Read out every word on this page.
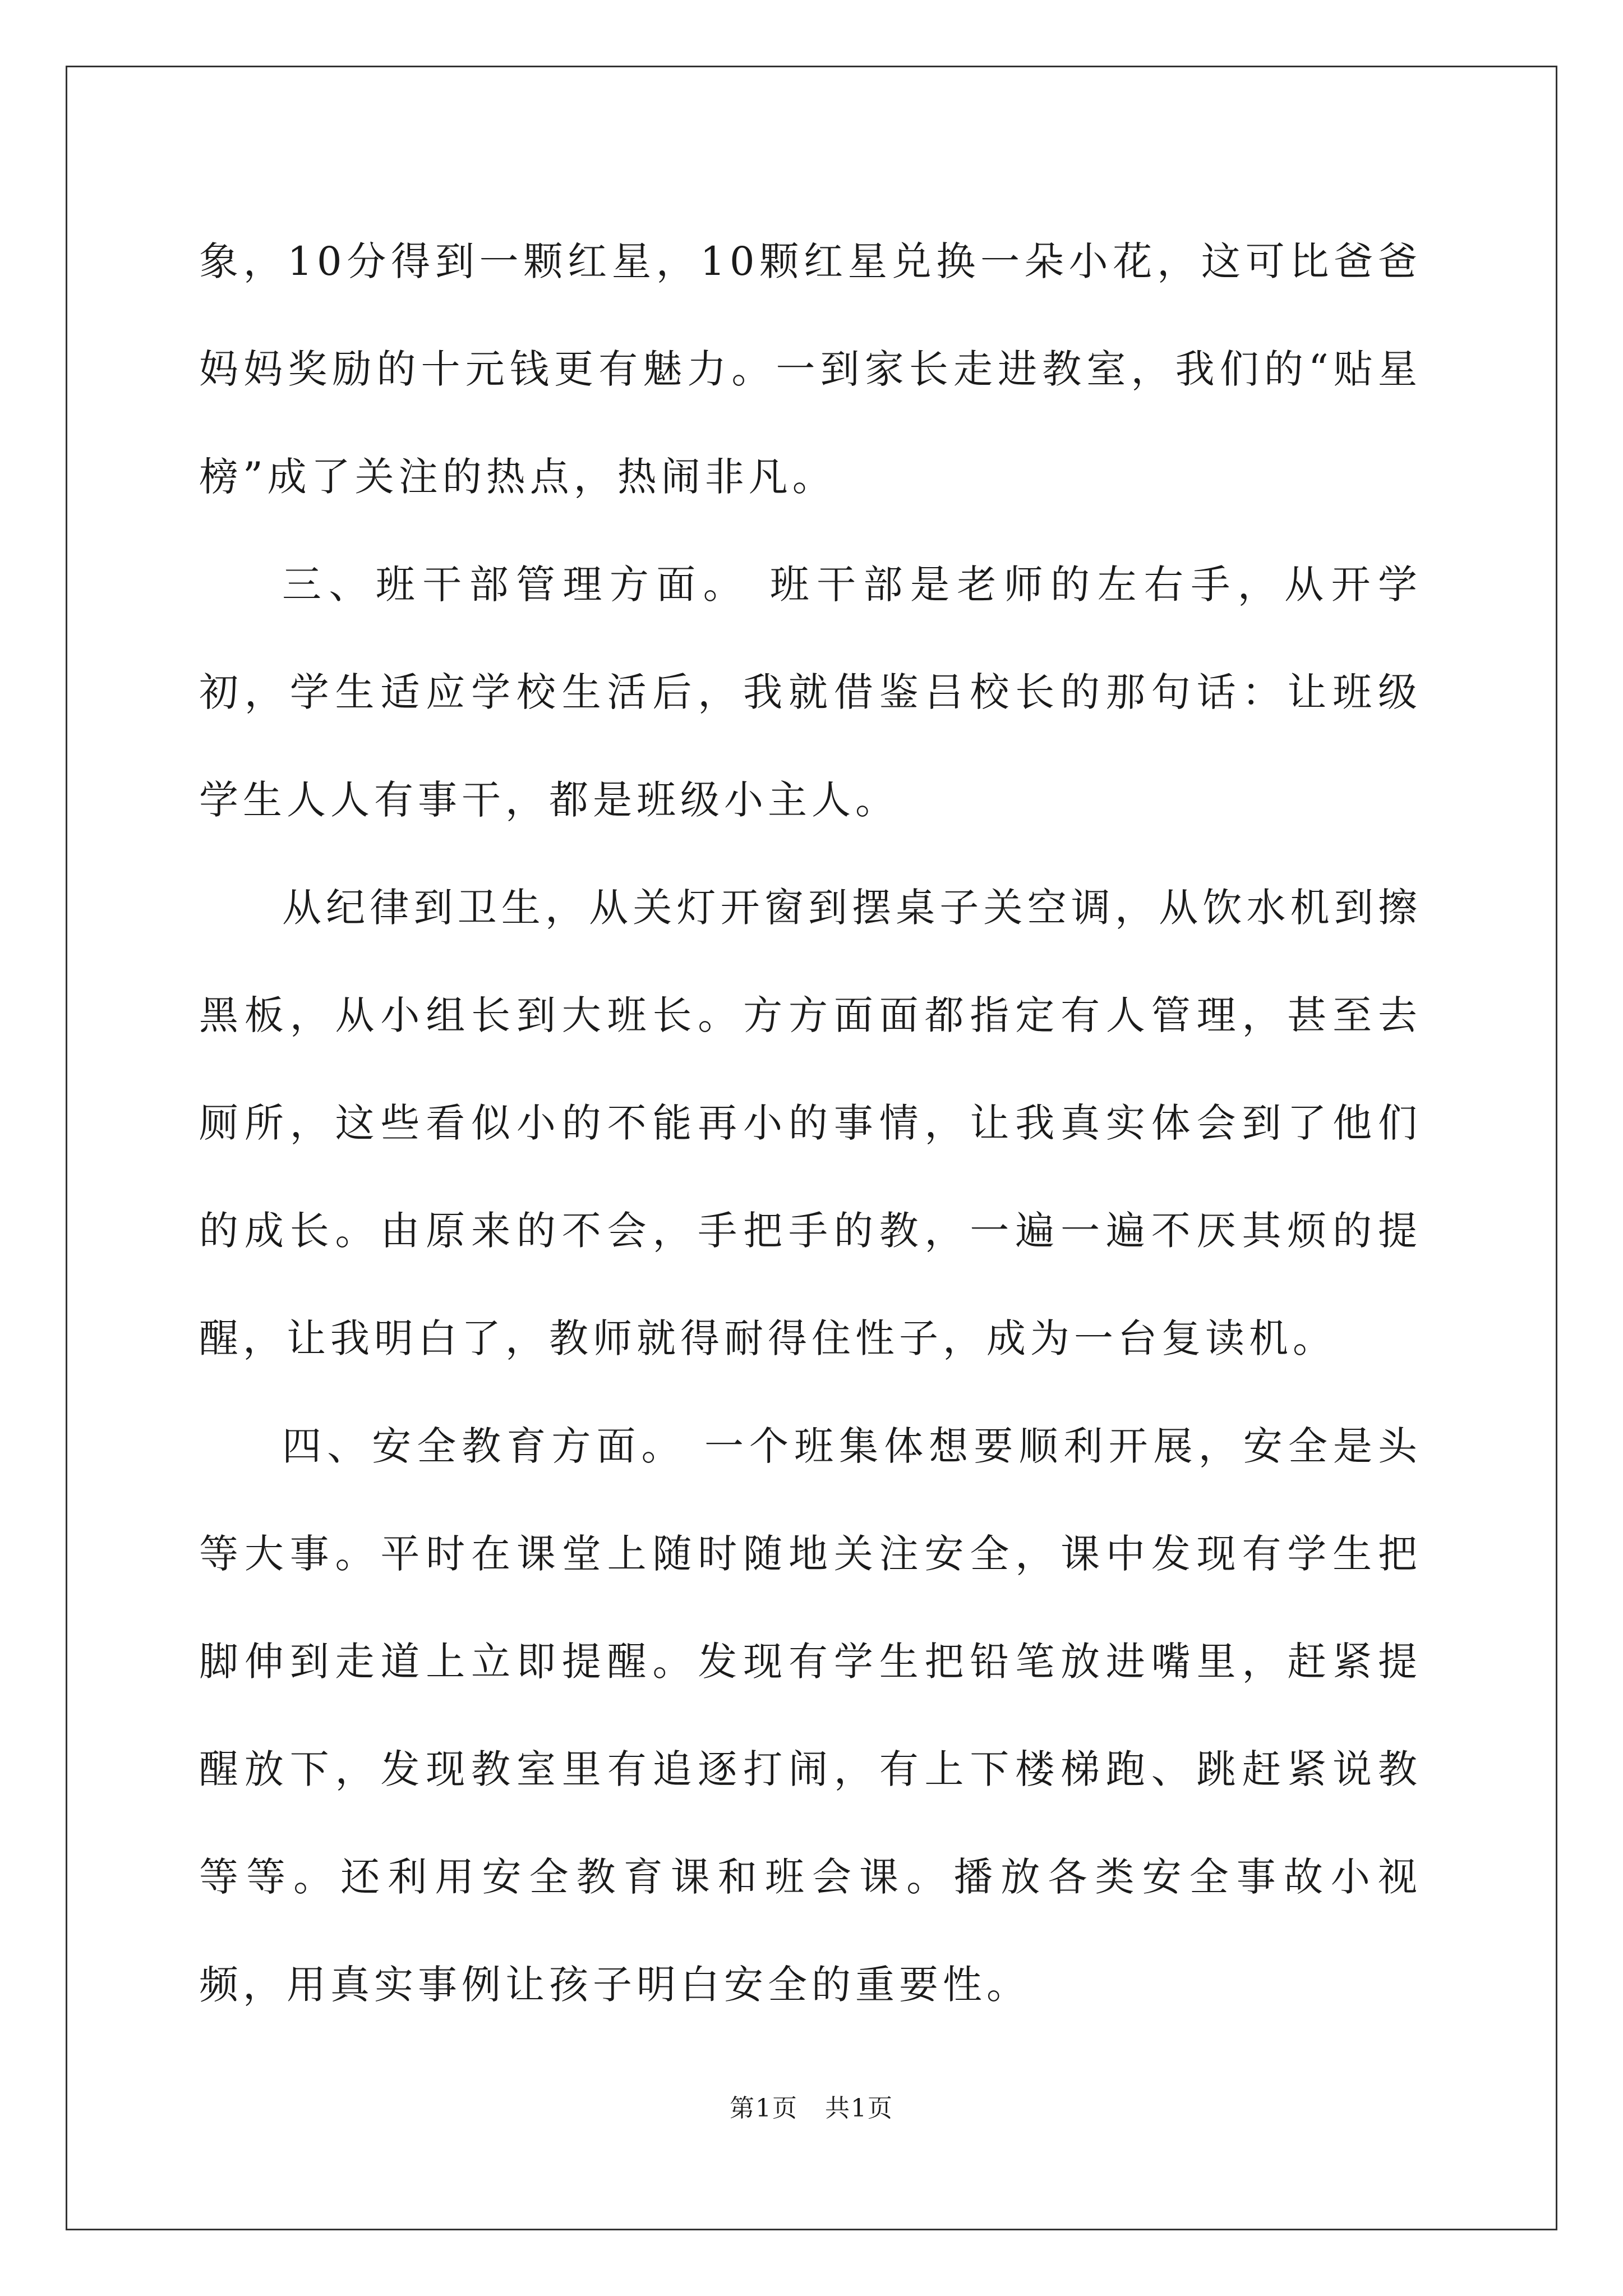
象，10分得到一颗红星，10颗红星兑换一朵小花，这可比爸爸妈妈奖励的十元钱更有魅力。一到家长走进教室，我们的“贴星榜”成了关注的热点，热闹非凡。

三、班干部管理方面。 班干部是老师的左右手，从开学初，学生适应学校生活后，我就借鉴吕校长的那句话：让班级学生人人有事干，都是班级小主人。

从纪律到卫生，从关灯开窗到摆桌子关空调，从饮水机到擦黑板，从小组长到大班长。方方面面都指定有人管理，甚至去厕所，这些看似小的不能再小的事情，让我真实体会到了他们的成长。由原来的不会，手把手的教，一遍一遍不厌其烦的提醒，让我明白了，教师就得耐得住性子，成为一台复读机。

四、安全教育方面。 一个班集体想要顺利开展，安全是头等大事。平时在课堂上随时随地关注安全，课中发现有学生把脚伸到走道上立即提醒。发现有学生把铅笔放进嘴里，赶紧提醒放下，发现教室里有追逐打闹，有上下楼梯跑、跳赶紧说教等等。还利用安全教育课和班会课。播放各类安全事故小视频，用真实事例让孩子明白安全的重要性。

第1页 共1页
